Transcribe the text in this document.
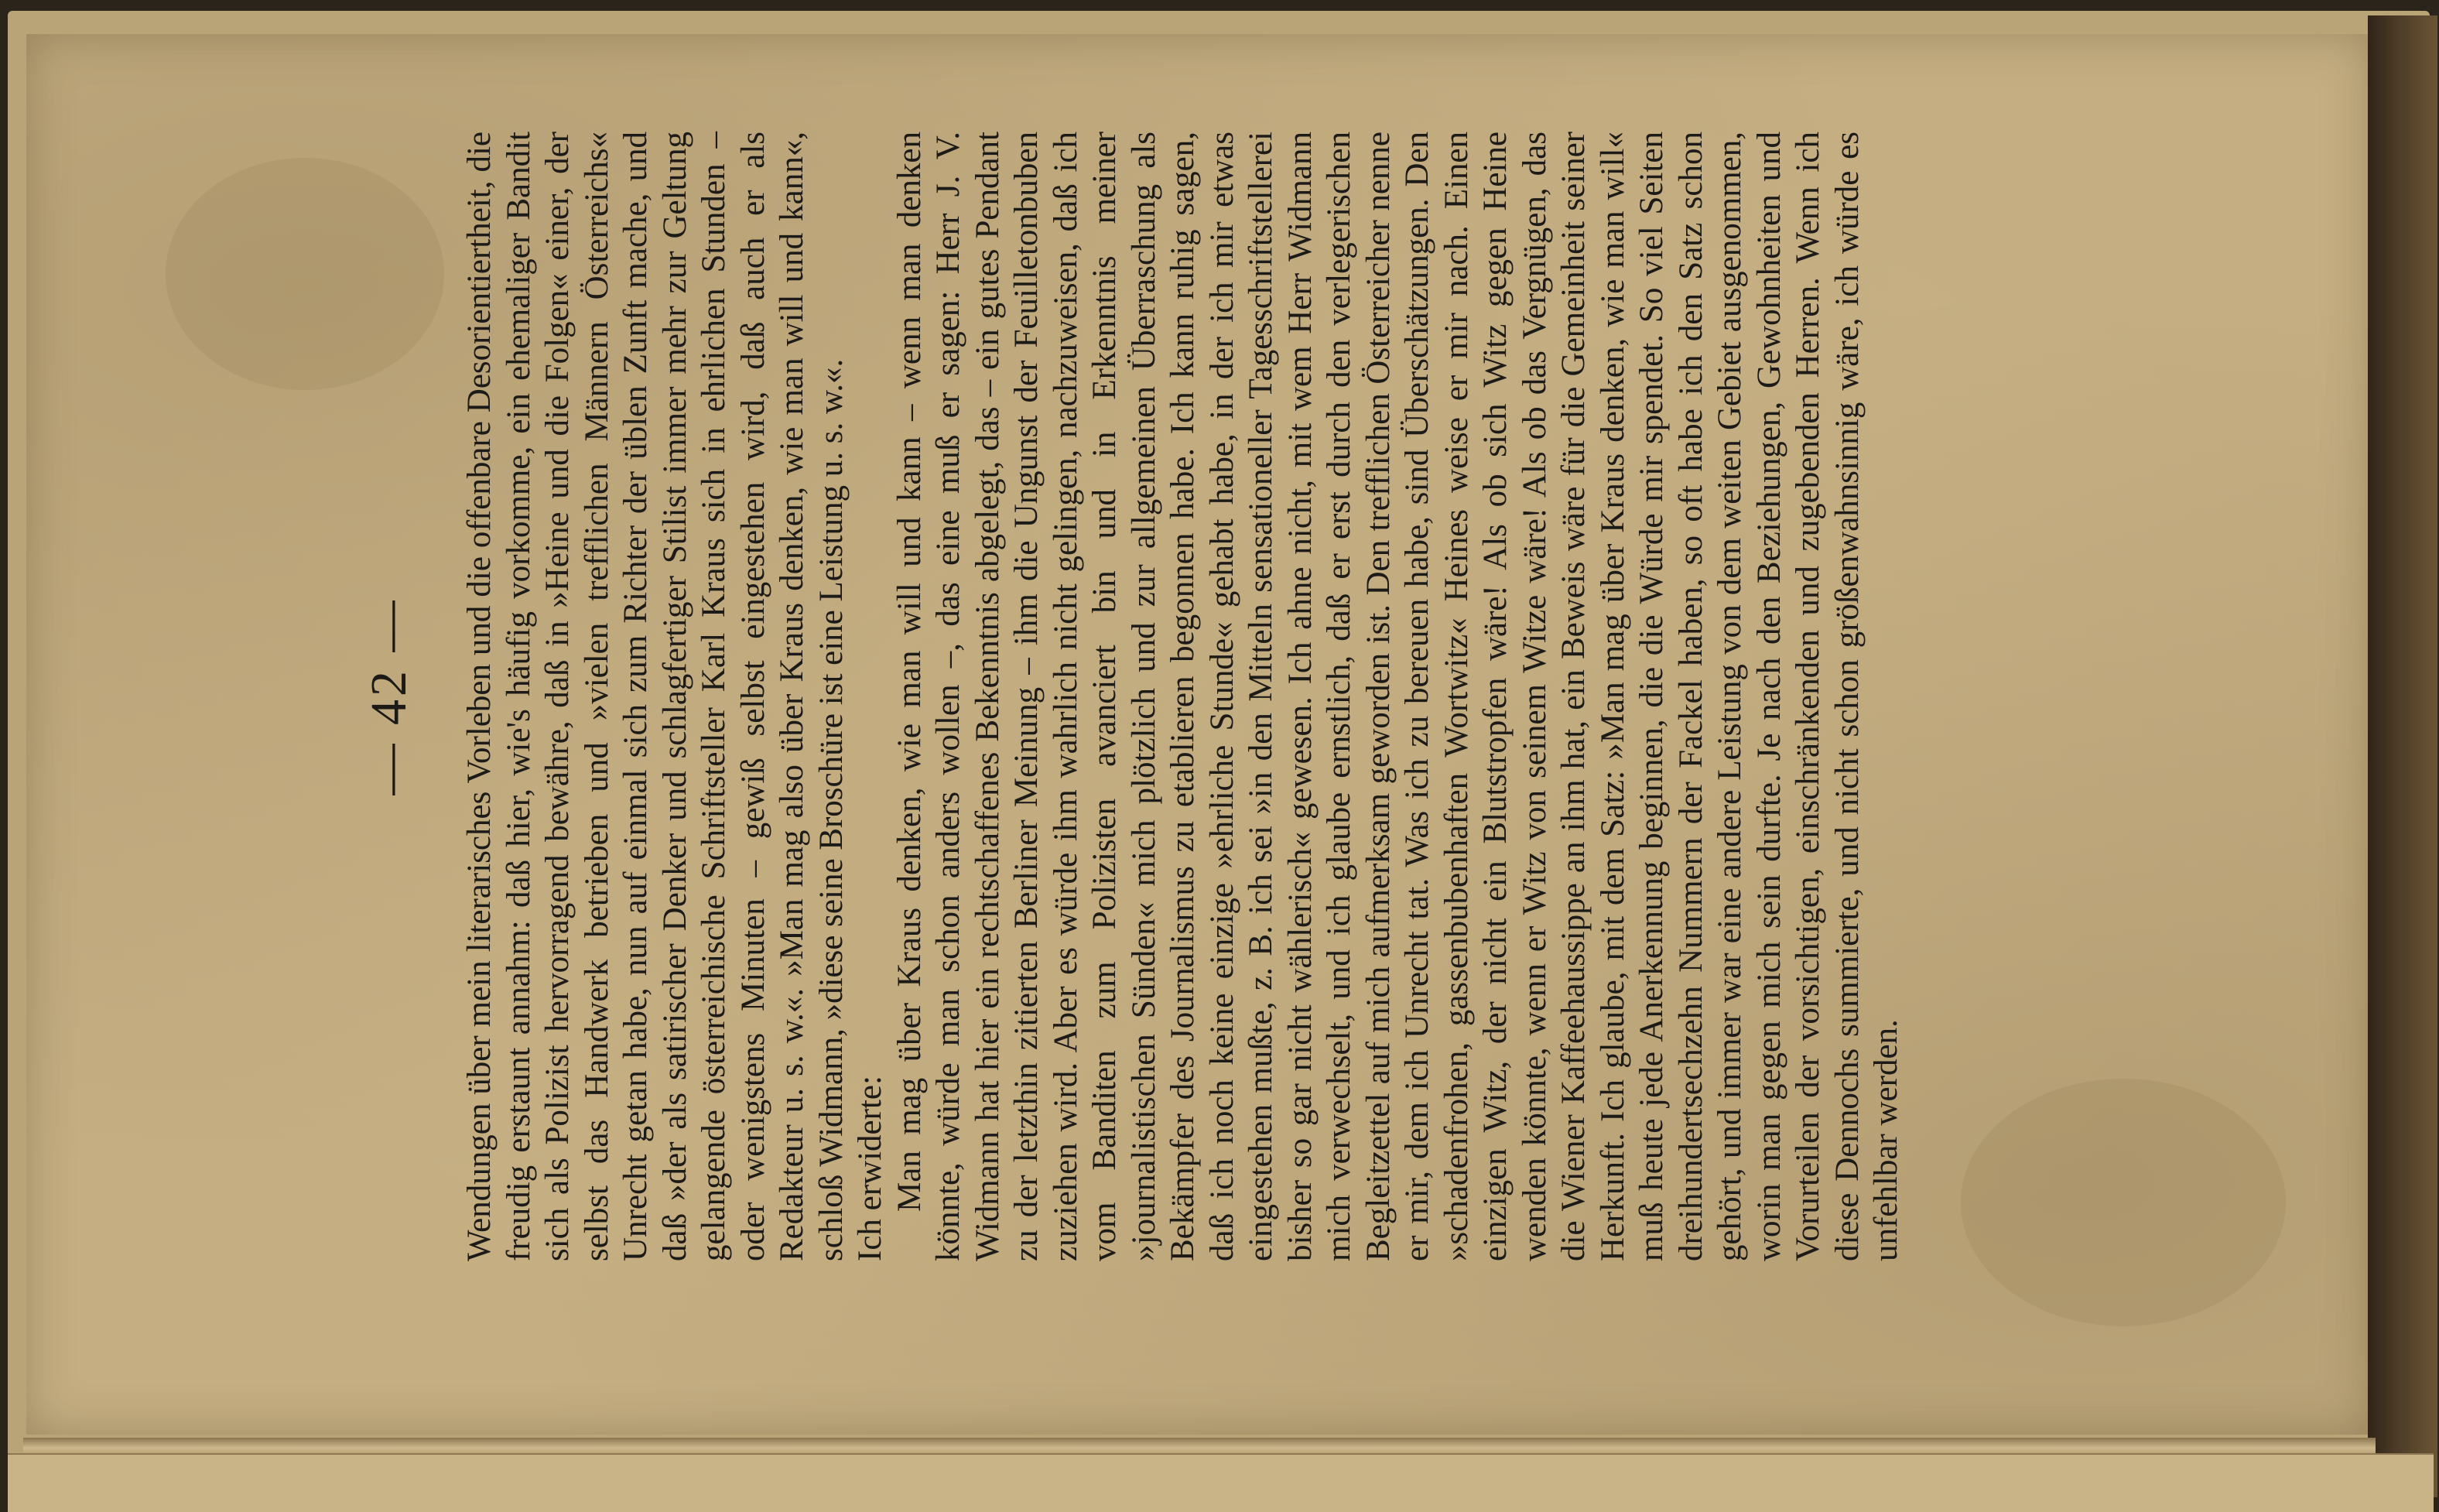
— 42 — Wendungen über mein literarisches Vorleben und die offenbare Desorientiertheit, die freudig erstaunt annahm: daß hier, wie's häufig vorkomme, ein ehemaliger Bandit sich als Polizist hervorragend bewähre, daß in »Heine und die Folgen« einer, der selbst das Handwerk betrieben und »vielen trefflichen Männern Österreichs« Unrecht getan habe, nun auf einmal sich zum Richter der üblen Zunft mache, und daß »der als satirischer Denker und schlagfertiger Stilist immer mehr zur Geltung gelangende österreichische Schriftsteller Karl Kraus sich in ehrlichen Stunden – oder wenigstens Minuten – gewiß selbst eingestehen wird, daß auch er als Redakteur u. s. w.«. »Man mag also über Kraus denken, wie man will und kann«, schloß Widmann, »diese seine Broschüre ist eine Leistung u. s. w.«. Ich erwiderte: Man mag über Kraus denken, wie man will und kann – wenn man denken könnte, würde man schon anders wollen –, das eine muß er sagen: Herr J. V. Widmann hat hier ein rechtschaffenes Bekenntnis abgelegt, das – ein gutes Pendant zu der letzthin zitierten Berliner Meinung – ihm die Ungunst der Feuilletonbuben zuziehen wird. Aber es würde ihm wahrlich nicht gelingen, nachzuweisen, daß ich vom Banditen zum Polizisten avanciert bin und in Erkenntnis meiner »journalistischen Sünden« mich plötzlich und zur allgemeinen Überraschung als Bekämpfer des Journalismus zu etablieren begonnen habe. Ich kann ruhig sagen, daß ich noch keine einzige »ehrliche Stunde« gehabt habe, in der ich mir etwas eingestehen mußte, z. B. ich sei »in den Mitteln sensationeller Tagesschriftstellerei bisher so gar nicht wählerisch« gewesen. Ich ahne nicht, mit wem Herr Widmann mich verwechselt, und ich glaube ernstlich, daß er erst durch den verlegerischen Begleitzettel auf mich aufmerksam geworden ist. Den trefflichen Österreicher nenne er mir, dem ich Unrecht tat. Was ich zu bereuen habe, sind Überschätzungen. Den »schadenfrohen, gassenbubenhaften Wortwitz« Heines weise er mir nach. Einen einzigen Witz, der nicht ein Blutstropfen wäre! Als ob sich Witz gegen Heine wenden könnte, wenn er Witz von seinem Witze wäre! Als ob das Vergnügen, das die Wiener Kaffeehaussippe an ihm hat, ein Beweis wäre für die Gemeinheit seiner Herkunft. Ich glaube, mit dem Satz: »Man mag über Kraus denken, wie man will« muß heute jede Anerkennung beginnen, die die Würde mir spendet. So viel Seiten dreihundertsechzehn Nummern der Fackel haben, so oft habe ich den Satz schon gehört, und immer war eine andere Leistung von dem weiten Gebiet ausgenommen, worin man gegen mich sein durfte. Je nach den Beziehungen, Gewohnheiten und Vorurteilen der vorsichtigen, einschränkenden und zugebenden Herren. Wenn ich diese Dennochs summierte, und nicht schon größenwahnsinnig wäre, ich würde es unfehlbar werden.
